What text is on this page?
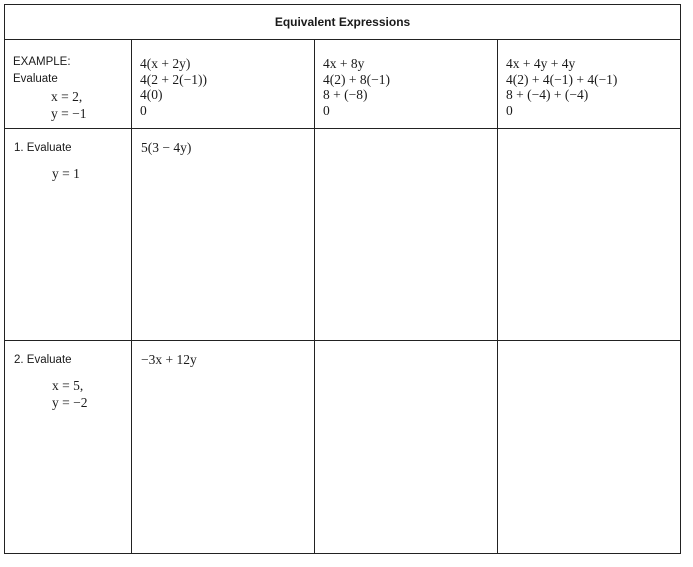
Equivalent Expressions			

EXAMPLE:
Evaluate
x = 2,
y = −1	4(x + 2y)
4(2 + 2(−1))
4(0)
0	4x + 8y
4(2) + 8(−1)
8 + (−8)
0	4x + 4y + 4y
4(2) + 4(−1) + 4(−1)
8 + (−4) + (−4)
0

1. Evaluate
y = 1	5(3 − 4y)		

2. Evaluate
x = 5,
y = −2	−3x + 12y		
